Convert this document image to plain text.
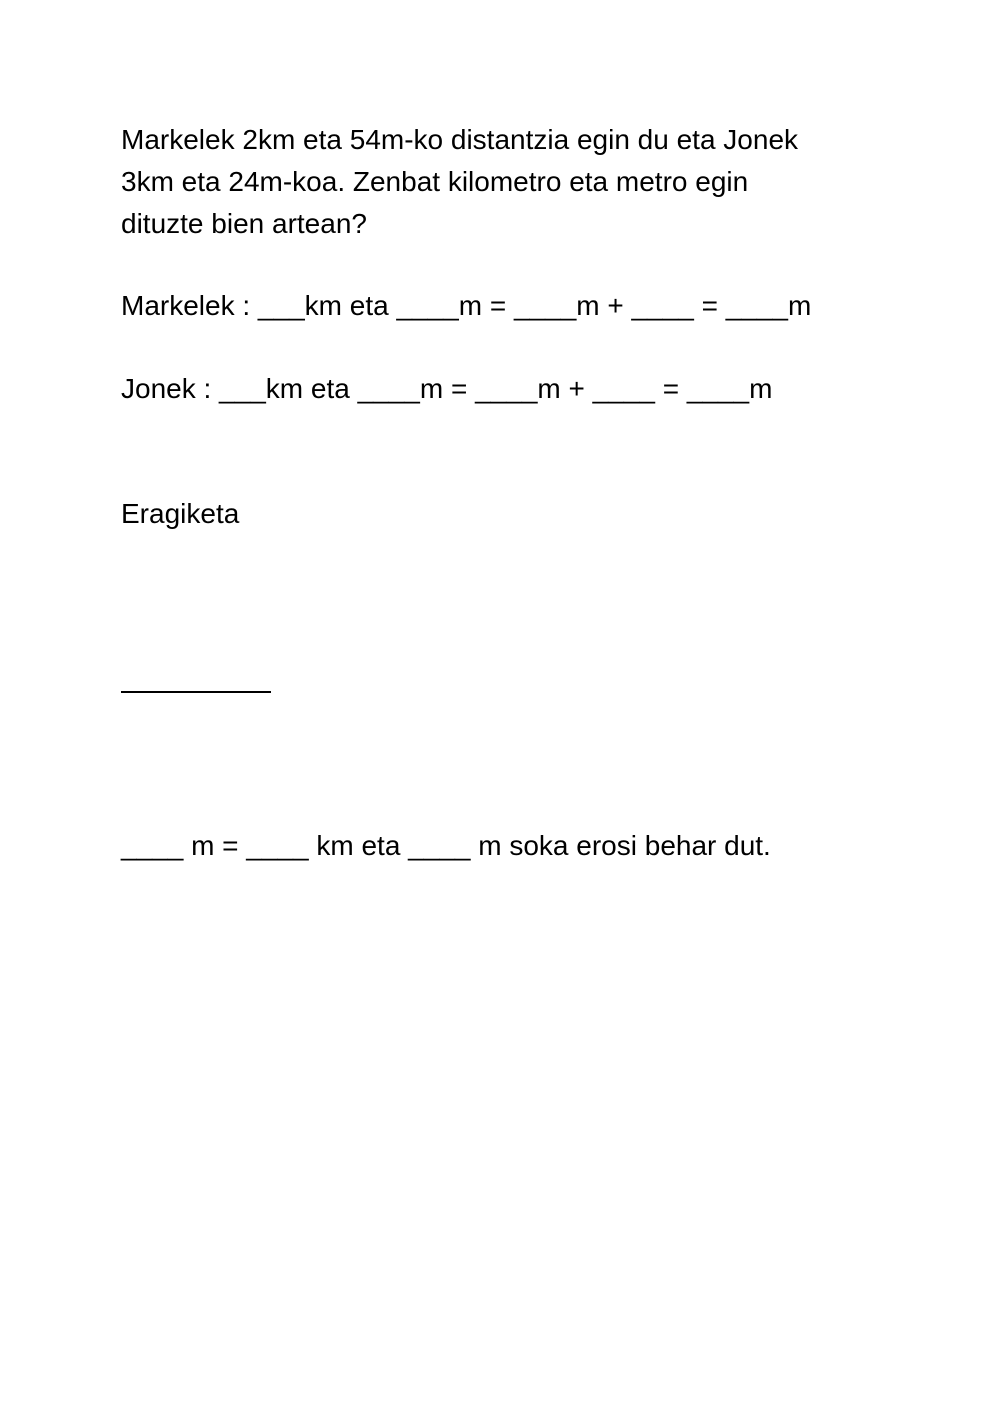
Markelek 2km eta 54m-ko distantzia egin du eta Jonek
3km eta 24m-koa. Zenbat kilometro eta metro egin
dituzte bien artean?
Markelek : ___km eta ____m = ____m + ____ = ____m
Jonek : ___km eta ____m = ____m + ____ = ____m
Eragiketa
____ m = ____ km eta ____ m soka erosi behar dut.
